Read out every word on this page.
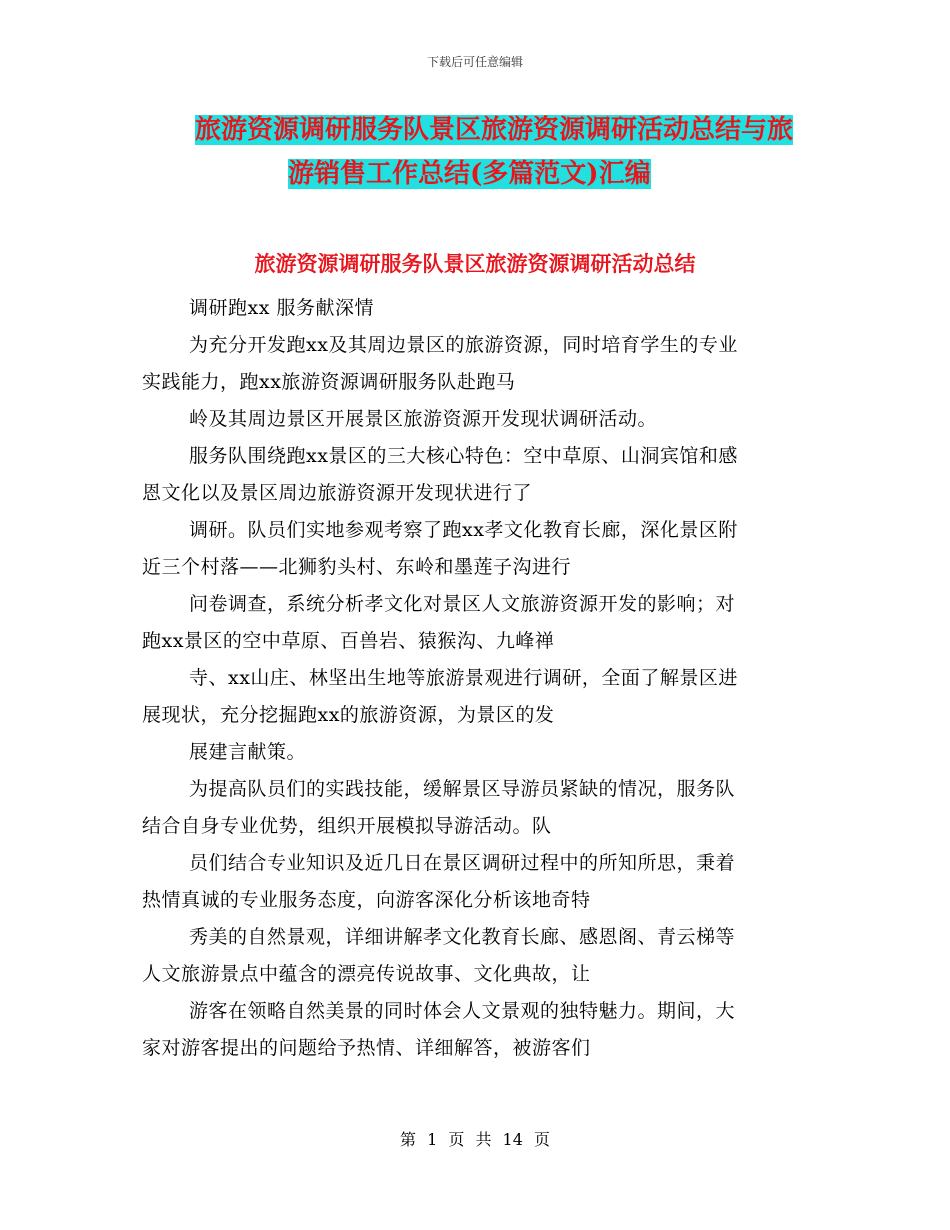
下载后可任意编辑
旅游资源调研服务队景区旅游资源调研活动总结与旅
游销售工作总结(多篇范文)汇编
旅游资源调研服务队景区旅游资源调研活动总结

调研跑xx 服务献深情

为充分开发跑xx及其周边景区的旅游资源，同时培育学生的专业

实践能力，跑xx旅游资源调研服务队赴跑马

岭及其周边景区开展景区旅游资源开发现状调研活动。

服务队围绕跑xx景区的三大核心特色：空中草原、山洞宾馆和感

恩文化以及景区周边旅游资源开发现状进行了

调研。队员们实地参观考察了跑xx孝文化教育长廊，深化景区附

近三个村落——北狮豹头村、东岭和墨莲子沟进行

问卷调查，系统分析孝文化对景区人文旅游资源开发的影响；对

跑xx景区的空中草原、百兽岩、猿猴沟、九峰禅

寺、xx山庄、林坚出生地等旅游景观进行调研，全面了解景区进

展现状，充分挖掘跑xx的旅游资源，为景区的发

展建言献策。

为提高队员们的实践技能，缓解景区导游员紧缺的情况，服务队

结合自身专业优势，组织开展模拟导游活动。队

员们结合专业知识及近几日在景区调研过程中的所知所思，秉着

热情真诚的专业服务态度，向游客深化分析该地奇特

秀美的自然景观，详细讲解孝文化教育长廊、感恩阁、青云梯等

人文旅游景点中蕴含的漂亮传说故事、文化典故，让

游客在领略自然美景的同时体会人文景观的独特魅力。期间，大

家对游客提出的问题给予热情、详细解答，被游客们

第 1 页 共 14 页
